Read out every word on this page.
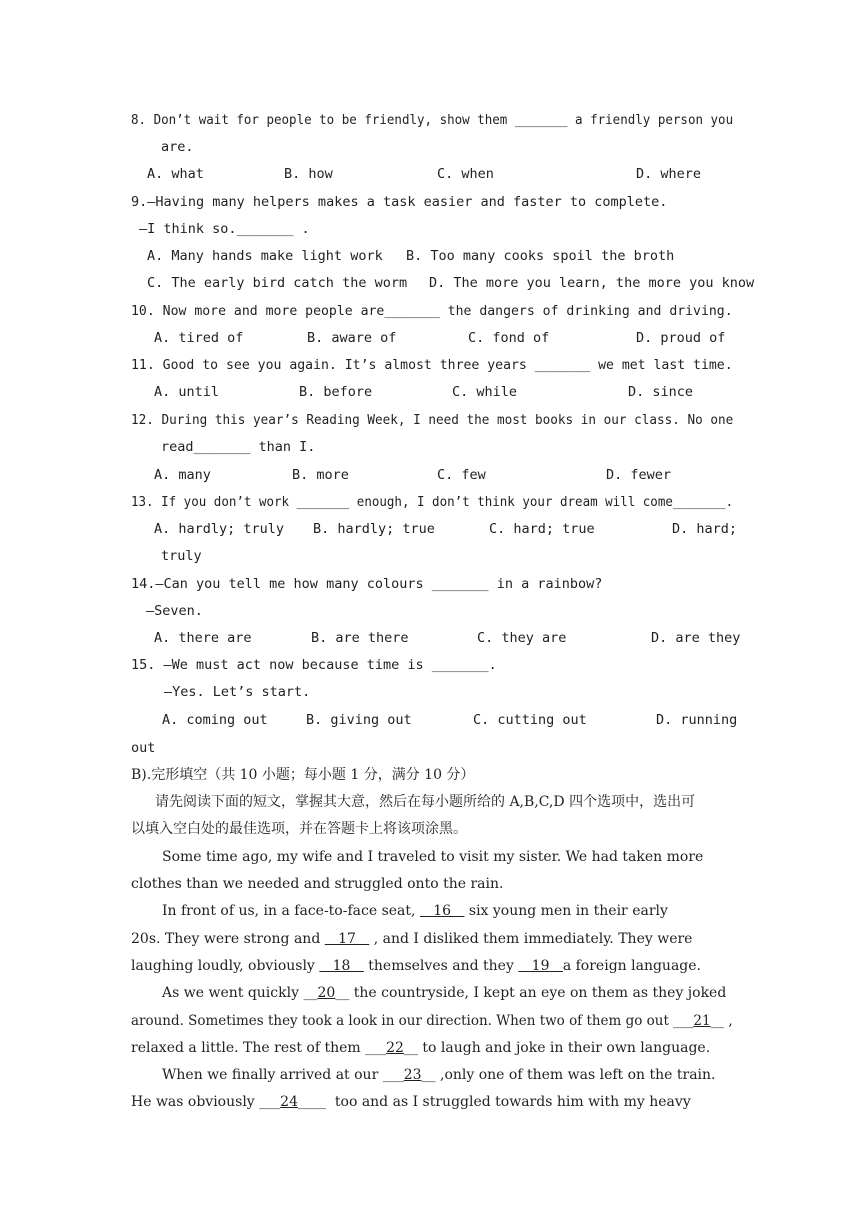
8. Don’t wait for people to be friendly, show them _______ a friendly person you
are.
A. what	B. how	C. when	D. where
9.—Having many helpers makes a task easier and faster to complete.
—I think so._______ .
A. Many hands make light work B. Too many cooks spoil the broth
C. The early bird catch the worm D. The more you learn, the more you know
10. Now more and more people are_______ the dangers of drinking and driving.
A. tired of	B. aware of	C. fond of	D. proud of
11. Good to see you again. It’s almost three years _______ we met last time.
A. until	B. before	C. while	D. since
12. During this year’s Reading Week, I need the most books in our class. No one
read_______ than I.
A. many	B. more	C. few	D. fewer
13. If you don’t work _______ enough, I don’t think your dream will come_______.
A. hardly; truly B. hardly; true	C. hard; true	D. hard;
truly
14.—Can you tell me how many colours _______ in a rainbow?
—Seven.
A. there are	B. are there	C. they are	D. are they
15. —We must act now because time is _______.
—Yes. Let’s start.
A. coming out	B. giving out	C. cutting out	D. running
out
B).完形填空（共 10 小题；每小题 1 分，满分 10 分）
请先阅读下面的短文，掌握其大意，然后在每小题所给的 A,B,C,D 四个选项中，选出可
以填入空白处的最佳选项，并在答题卡上将该项涂黑。
Some time ago, my wife and I traveled to visit my sister. We had taken more
clothes than we needed and struggled onto the rain.
In front of us, in a face-to-face seat,    16    six young men in their early
20s. They were strong and    17    , and I disliked them immediately. They were
laughing loudly, obviously    18    themselves and they    19   a foreign language.
As we went quickly __20__ the countryside, I kept an eye on them as they joked
around. Sometimes they took a look in our direction. When two of them go out ___21__ ,
relaxed a little. The rest of them ___22__ to laugh and joke in their own language.
When we finally arrived at our ___23__ ,only one of them was left on the train.
He was obviously ___24____  too and as I struggled towards him with my heavy
